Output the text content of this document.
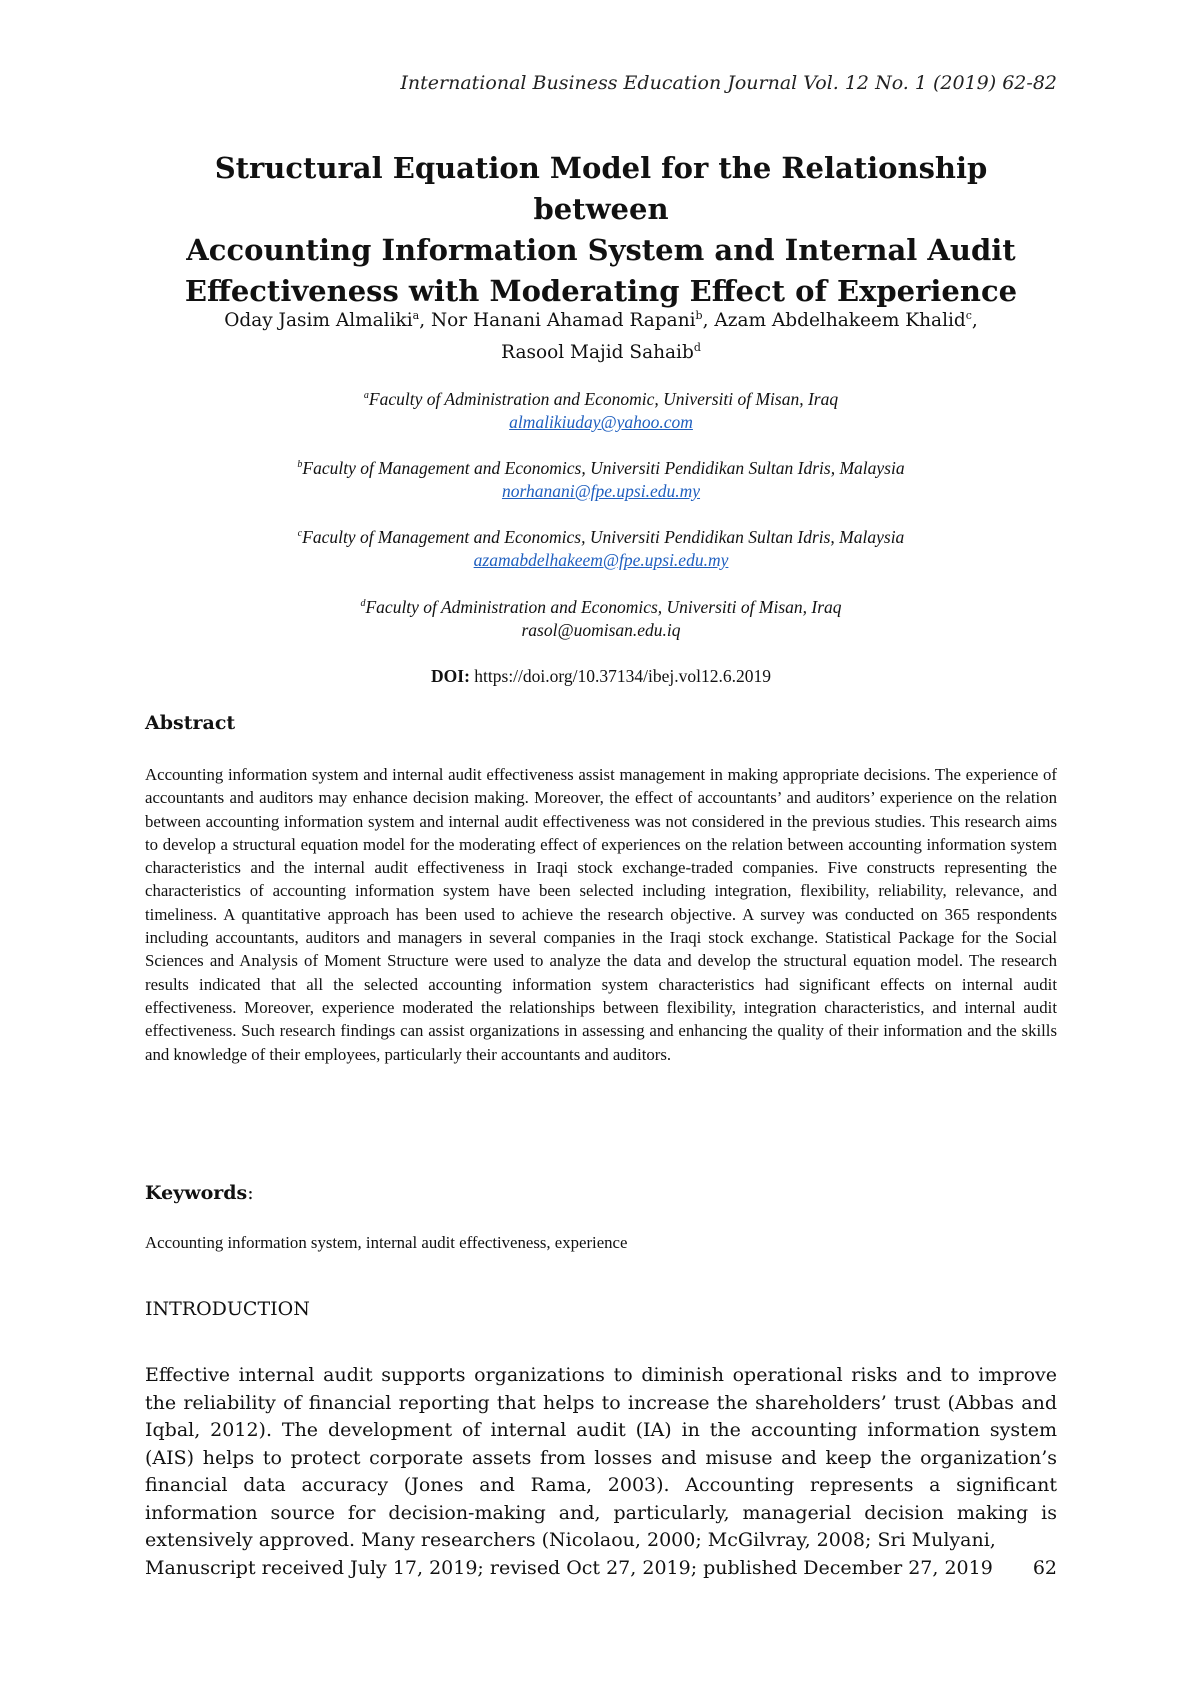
International Business Education Journal Vol. 12 No. 1 (2019) 62-82
Structural Equation Model for the Relationship between
Accounting Information System and Internal Audit
Effectiveness with Moderating Effect of Experience
Oday Jasim Almaliki$^a$, Nor Hanani Ahamad Rapani$^b$, Azam Abdelhakeem Khalid$^c$,
Rasool Majid Sahaib$^d$
$^a$Faculty of Administration and Economic, Universiti of Misan, Iraq
almalikiuday@yahoo.com
$^b$Faculty of Management and Economics, Universiti Pendidikan Sultan Idris, Malaysia
norhanani@fpe.upsi.edu.my
$^c$Faculty of Management and Economics, Universiti Pendidikan Sultan Idris, Malaysia
azamabdelhakeem@fpe.upsi.edu.my
$^d$Faculty of Administration and Economics, Universiti of Misan, Iraq
rasol@uomisan.edu.iq
DOI: https://doi.org/10.37134/ibej.vol12.6.2019
Abstract

Accounting information system and internal audit effectiveness assist management in making appropriate decisions. The experience of accountants and auditors may enhance decision making. Moreover, the effect of accountants’ and auditors’ experience on the relation between accounting information system and internal audit effectiveness was not considered in the previous studies. This research aims to develop a structural equation model for the moderating effect of experiences on the relation between accounting information system characteristics and the internal audit effectiveness in Iraqi stock exchange-traded companies. Five constructs representing the characteristics of accounting information system have been selected including integration, flexibility, reliability, relevance, and timeliness. A quantitative approach has been used to achieve the research objective. A survey was conducted on 365 respondents including accountants, auditors and managers in several companies in the Iraqi stock exchange. Statistical Package for the Social Sciences and Analysis of Moment Structure were used to analyze the data and develop the structural equation model. The research results indicated that all the selected accounting information system characteristics had significant effects on internal audit effectiveness. Moreover, experience moderated the relationships between flexibility, integration characteristics, and internal audit effectiveness. Such research findings can assist organizations in assessing and enhancing the quality of their information and the skills and knowledge of their employees, particularly their accountants and auditors.

Keywords:
Accounting information system, internal audit effectiveness, experience
INTRODUCTION

Effective internal audit supports organizations to diminish operational risks and to improve the reliability of financial reporting that helps to increase the shareholders’ trust (Abbas and Iqbal, 2012). The development of internal audit (IA) in the accounting information system (AIS) helps to protect corporate assets from losses and misuse and keep the organization’s financial data accuracy (Jones and Rama, 2003). Accounting represents a significant information source for decision-making and, particularly, managerial decision making is extensively approved. Many researchers (Nicolaou, 2000; McGilvray, 2008; Sri Mulyani,

Manuscript received July 17, 2019; revised Oct 27, 2019; published December 27, 2019 62
